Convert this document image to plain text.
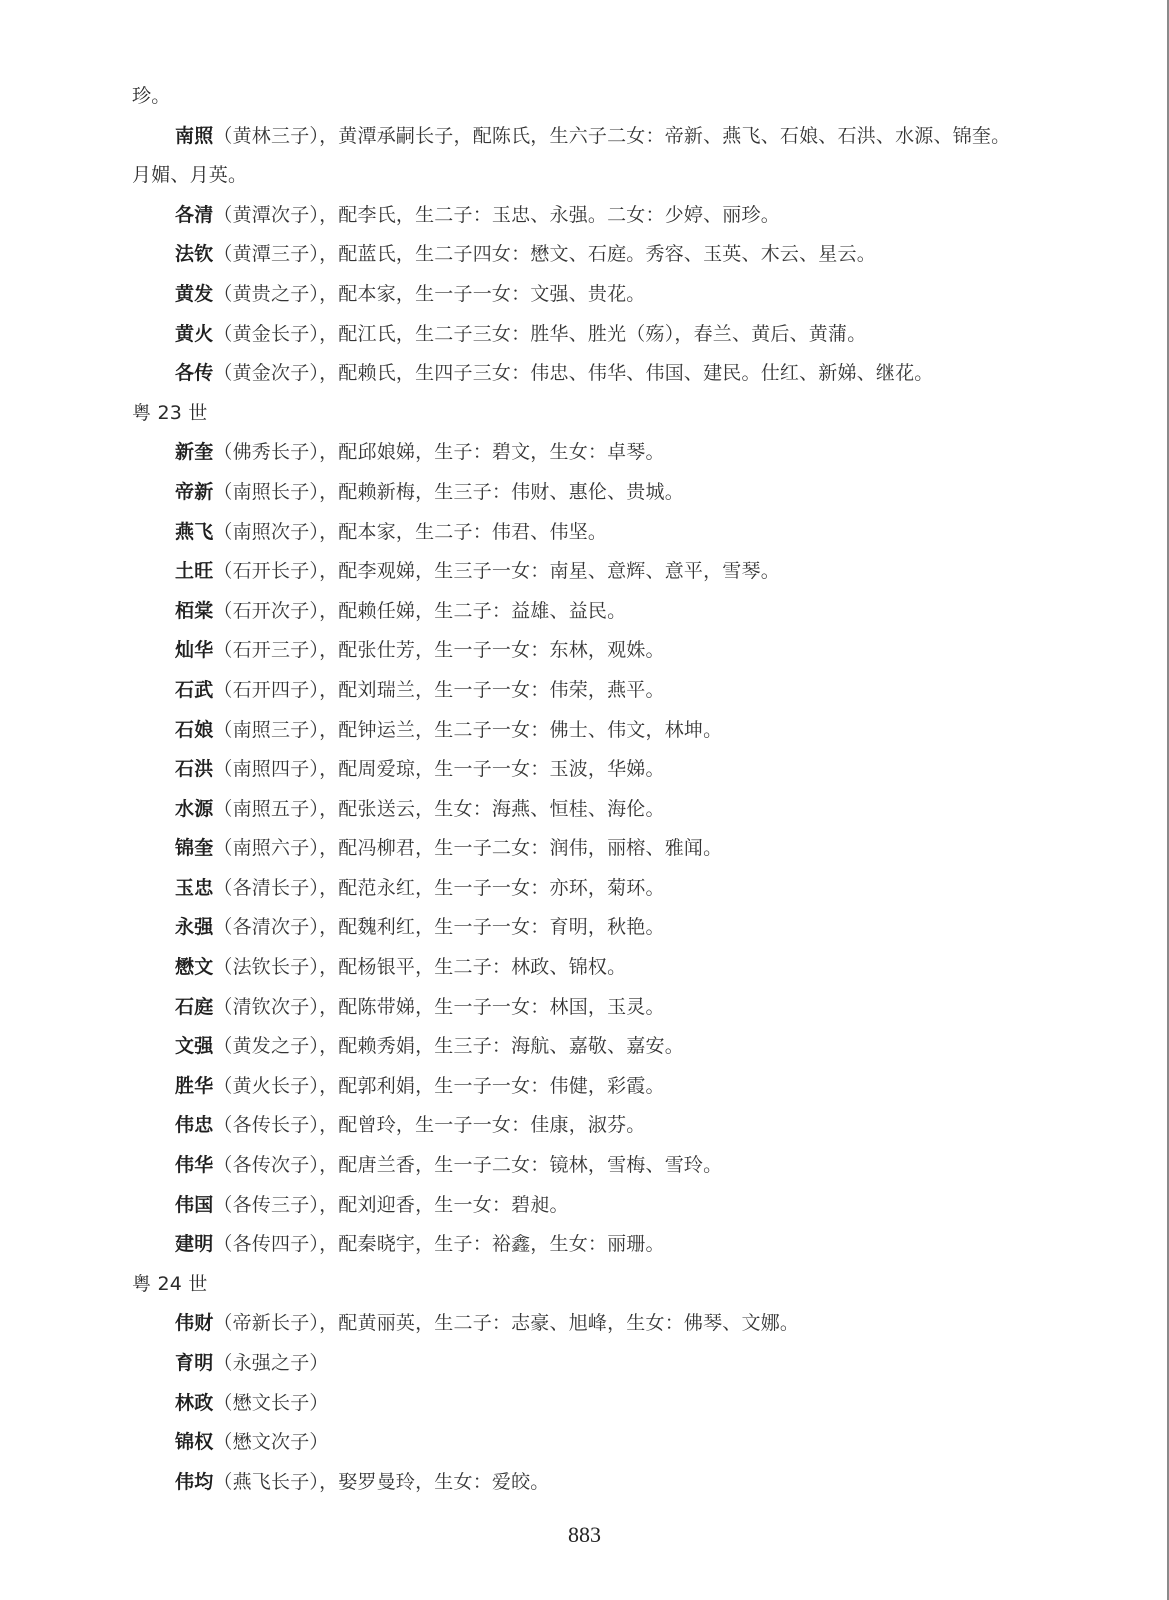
珍。
南照（黄林三子），黄潭承嗣长子，配陈氏，生六子二女：帝新、燕飞、石娘、石洪、水源、锦奎。
月媚、月英。
各清（黄潭次子），配李氏，生二子：玉忠、永强。二女：少婷、丽珍。
法钦（黄潭三子），配蓝氏，生二子四女：懋文、石庭。秀容、玉英、木云、星云。
黄发（黄贵之子），配本家，生一子一女：文强、贵花。
黄火（黄金长子），配江氏，生二子三女：胜华、胜光（殇），春兰、黄后、黄蒲。
各传（黄金次子），配赖氏，生四子三女：伟忠、伟华、伟国、建民。仕红、新娣、继花。
粤 23 世
新奎（佛秀长子），配邱娘娣，生子：碧文，生女：卓琴。
帝新（南照长子），配赖新梅，生三子：伟财、惠伦、贵城。
燕飞（南照次子），配本家，生二子：伟君、伟坚。
土旺（石开长子），配李观娣，生三子一女：南星、意辉、意平，雪琴。
栢棠（石开次子），配赖任娣，生二子：益雄、益民。
灿华（石开三子），配张仕芳，生一子一女：东林，观姝。
石武（石开四子），配刘瑞兰，生一子一女：伟荣，燕平。
石娘（南照三子），配钟运兰，生二子一女：佛士、伟文，林坤。
石洪（南照四子），配周爱琼，生一子一女：玉波，华娣。
水源（南照五子），配张送云，生女：海燕、恒桂、海伦。
锦奎（南照六子），配冯柳君，生一子二女：润伟，丽榕、雅闻。
玉忠（各清长子），配范永红，生一子一女：亦环，菊环。
永强（各清次子），配魏利红，生一子一女：育明，秋艳。
懋文（法钦长子），配杨银平，生二子：林政、锦权。
石庭（清钦次子），配陈带娣，生一子一女：林国，玉灵。
文强（黄发之子），配赖秀娟，生三子：海航、嘉敬、嘉安。
胜华（黄火长子），配郭利娟，生一子一女：伟健，彩霞。
伟忠（各传长子），配曾玲，生一子一女：佳康，淑芬。
伟华（各传次子），配唐兰香，生一子二女：镜林，雪梅、雪玲。
伟国（各传三子），配刘迎香，生一女：碧昶。
建明（各传四子），配秦晓宇，生子：裕鑫，生女：丽珊。
粤 24 世
伟财（帝新长子），配黄丽英，生二子：志豪、旭峰，生女：佛琴、文娜。
育明（永强之子）
林政（懋文长子）
锦权（懋文次子）
伟均（燕飞长子），娶罗曼玲，生女：爱皎。
883
